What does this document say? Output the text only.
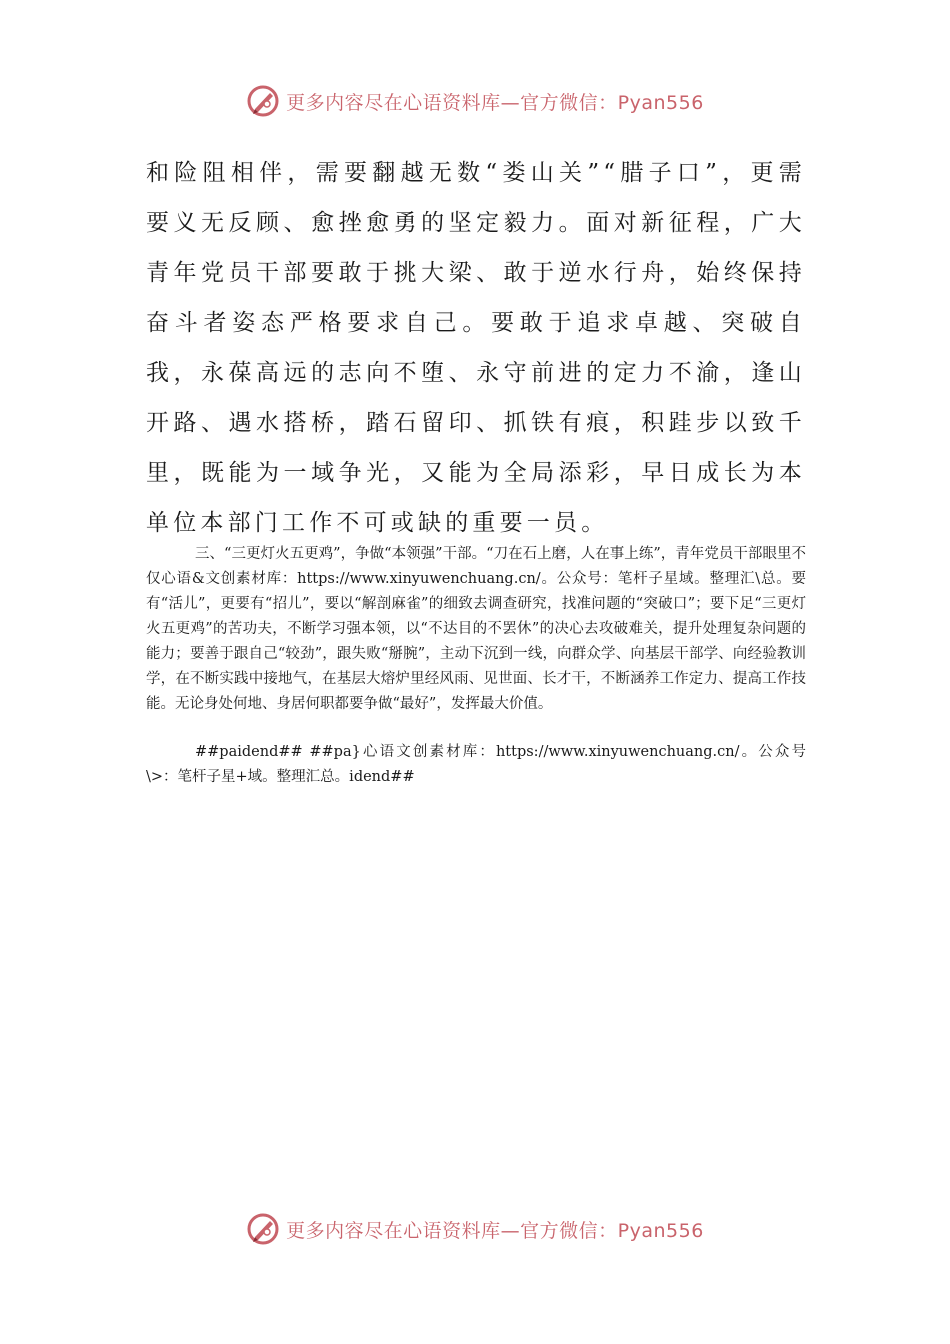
更多内容尽在心语资料库—官方微信：Pyan556

和险阻相伴，需要翻越无数“娄山关”“腊子口”，更需要义无反顾、愈挫愈勇的坚定毅力。面对新征程，广大青年党员干部要敢于挑大梁、敢于逆水行舟，始终保持奋斗者姿态严格要求自己。要敢于追求卓越、突破自我，永葆高远的志向不堕、永守前进的定力不渝，逢山开路、遇水搭桥，踏石留印、抓铁有痕，积跬步以致千里，既能为一域争光，又能为全局添彩，早日成长为本单位本部门工作不可或缺的重要一员。

三、“三更灯火五更鸡”，争做“本领强”干部。“刀在石上磨，人在事上练”，青年党员干部眼里不仅心语&文创素材库：https://www.xinyuwenchuang.cn/。公众号：笔杆子星域。整理汇\总。要有“活儿”，更要有“招儿”，要以“解剖麻雀”的细致去调查研究，找准问题的“突破口”；要下足“三更灯火五更鸡”的苦功夫，不断学习强本领，以“不达目的不罢休”的决心去攻破难关，提升处理复杂问题的能力；要善于跟自己“较劲”，跟失败“掰腕”，主动下沉到一线，向群众学、向基层干部学、向经验教训学，在不断实践中接地气，在基层大熔炉里经风雨、见世面、长才干，不断涵养工作定力、提高工作技能。无论身处何地、身居何职都要争做“最好”，发挥最大价值。

##paidend## ##pa}心语文创素材库：https://www.xinyuwenchuang.cn/。公众号\>：笔杆子星+域。整理汇总。idend##

更多内容尽在心语资料库—官方微信：Pyan556
